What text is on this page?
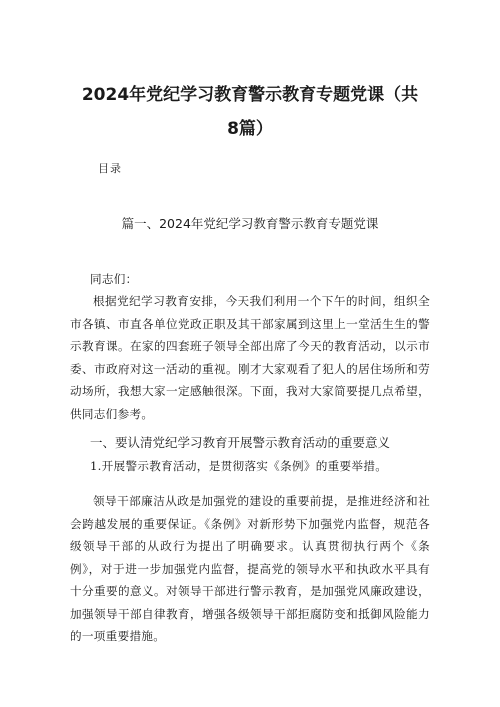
2024年党纪学习教育警示教育专题党课（共
8篇）
目录
篇一、2024年党纪学习教育警示教育专题党课
同志们：
根据党纪学习教育安排，今天我们利用一个下午的时间，组织全市各镇、市直各单位党政正职及其干部家属到这里上一堂活生生的警示教育课。在家的四套班子领导全部出席了今天的教育活动，以示市委、市政府对这一活动的重视。刚才大家观看了犯人的居住场所和劳动场所，我想大家一定感触很深。下面，我对大家简要提几点希望，供同志们参考。
一、要认清党纪学习教育开展警示教育活动的重要意义
1.开展警示教育活动，是贯彻落实《条例》的重要举措。
领导干部廉洁从政是加强党的建设的重要前提，是推进经济和社会跨越发展的重要保证。《条例》对新形势下加强党内监督，规范各级领导干部的从政行为提出了明确要求。认真贯彻执行两个《条例》，对于进一步加强党内监督，提高党的领导水平和执政水平具有十分重要的意义。对领导干部进行警示教育，是加强党风廉政建设，加强领导干部自律教育，增强各级领导干部拒腐防变和抵御风险能力的一项重要措施。
